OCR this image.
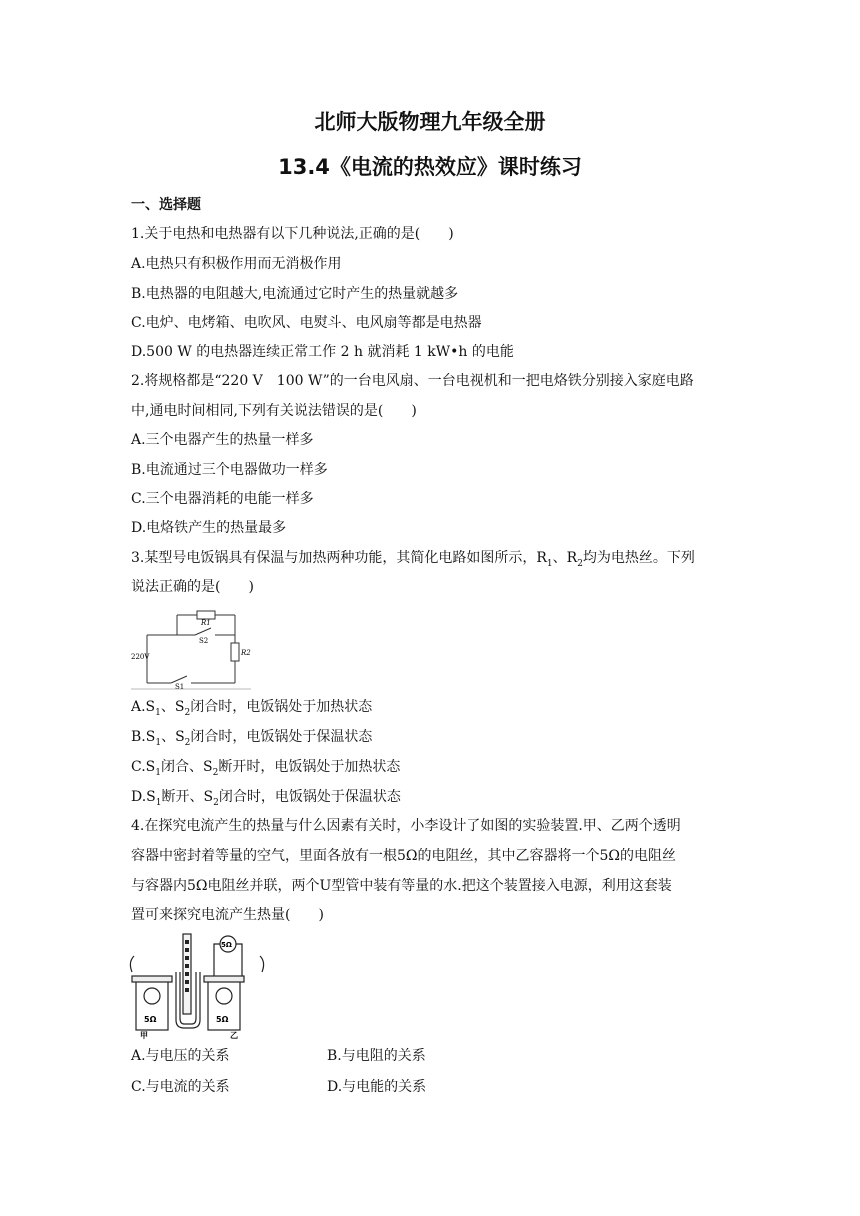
北师大版物理九年级全册
13.4《电流的热效应》课时练习
一、选择题
1.关于电热和电热器有以下几种说法,正确的是(　　)
A.电热只有积极作用而无消极作用
B.电热器的电阻越大,电流通过它时产生的热量就越多
C.电炉、电烤箱、电吹风、电熨斗、电风扇等都是电热器
D.500 W 的电热器连续正常工作 2 h 就消耗 1 kW•h 的电能
2.将规格都是“220 V　100 W”的一台电风扇、一台电视机和一把电烙铁分别接入家庭电路
中,通电时间相同,下列有关说法错误的是(　　)
A.三个电器产生的热量一样多
B.电流通过三个电器做功一样多
C.三个电器消耗的电能一样多
D.电烙铁产生的热量最多
3.某型号电饭锅具有保温与加热两种功能，其简化电路如图所示，$R_1$、$R_2$均为电热丝。下列
说法正确的是(　　)
R1
S2
R2
S1
220V
$A.S_1$、$S_2$闭合时，电饭锅处于加热状态
$B.S_1$、$S_2$闭合时，电饭锅处于保温状态
$C.S_1$闭合、$S_2$断开时，电饭锅处于加热状态
$D.S_1$断开、$S_2$闭合时，电饭锅处于保温状态
4.在探究电流产生的热量与什么因素有关时，小李设计了如图的实验装置.甲、乙两个透明
容器中密封着等量的空气，里面各放有一根5Ω的电阻丝，其中乙容器将一个5Ω的电阻丝
与容器内5Ω电阻丝并联，两个U型管中装有等量的水.把这个装置接入电源，利用这套装
置可来探究电流产生热量(　　)
5Ω	5Ω
5Ω
甲	乙
A.与电压的关系	B.与电阻的关系
C.与电流的关系	D.与电能的关系
